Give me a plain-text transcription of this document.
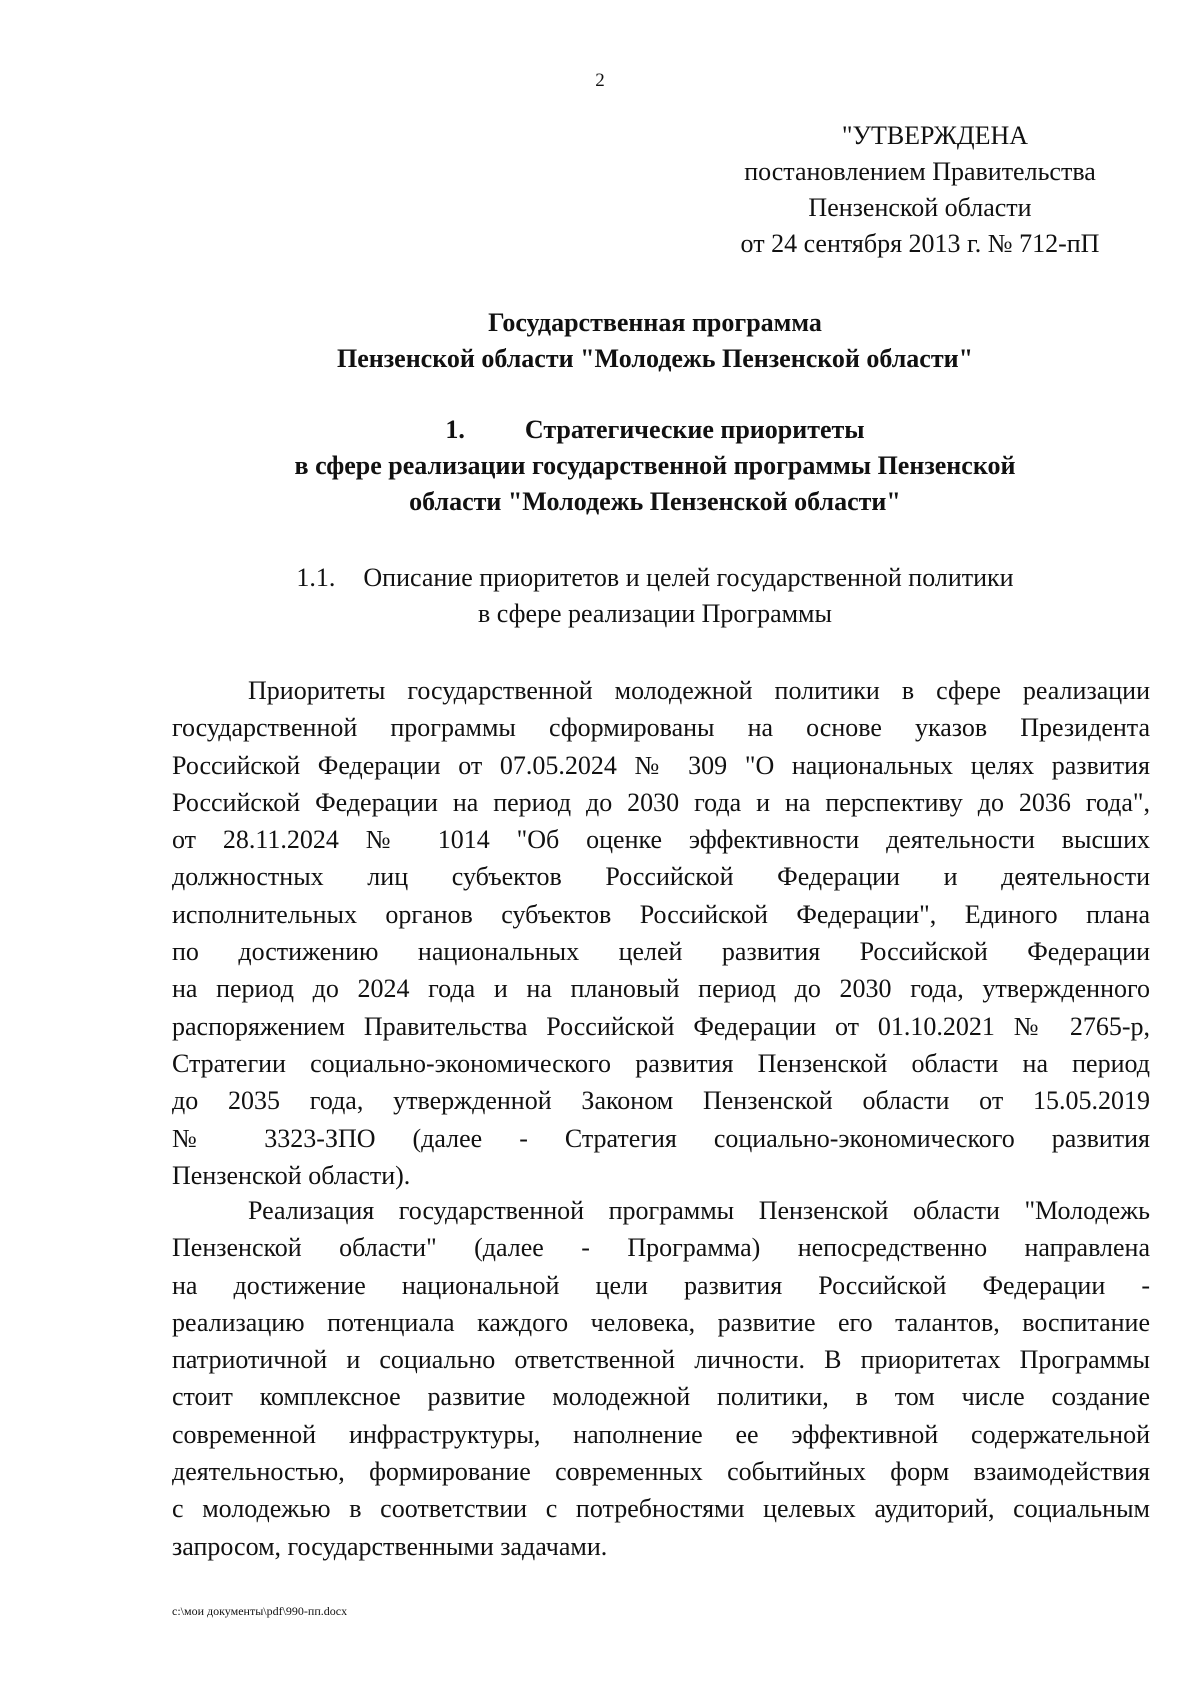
2
"УТВЕРЖДЕНА
постановлением Правительства
Пензенской области
от 24 сентября 2013 г. № 712-пП
Государственная программа
Пензенской области "Молодежь Пензенской области"
1. Стратегические приоритеты
в сфере реализации государственной программы Пензенской
области "Молодежь Пензенской области"
1.1. Описание приоритетов и целей государственной политики
в сфере реализации Программы
Приоритеты государственной молодежной политики в сфере реализации
государственной программы сформированы на основе указов Президента
Российской Федерации от 07.05.2024 № 309 "О национальных целях развития
Российской Федерации на период до 2030 года и на перспективу до 2036 года",
от 28.11.2024 № 1014 "Об оценке эффективности деятельности высших
должностных лиц субъектов Российской Федерации и деятельности
исполнительных органов субъектов Российской Федерации", Единого плана
по достижению национальных целей развития Российской Федерации
на период до 2024 года и на плановый период до 2030 года, утвержденного
распоряжением Правительства Российской Федерации от 01.10.2021 № 2765-р,
Стратегии социально-экономического развития Пензенской области на период
до 2035 года, утвержденной Законом Пензенской области от 15.05.2019
№ 3323-ЗПО (далее - Стратегия социально-экономического развития
Пензенской области).
Реализация государственной программы Пензенской области "Молодежь
Пензенской области" (далее - Программа) непосредственно направлена
на достижение национальной цели развития Российской Федерации -
реализацию потенциала каждого человека, развитие его талантов, воспитание
патриотичной и социально ответственной личности. В приоритетах Программы
стоит комплексное развитие молодежной политики, в том числе создание
современной инфраструктуры, наполнение ее эффективной содержательной
деятельностью, формирование современных событийных форм взаимодействия
с молодежью в соответствии с потребностями целевых аудиторий, социальным
запросом, государственными задачами.
c:\мои документы\pdf\990-пп.docx
